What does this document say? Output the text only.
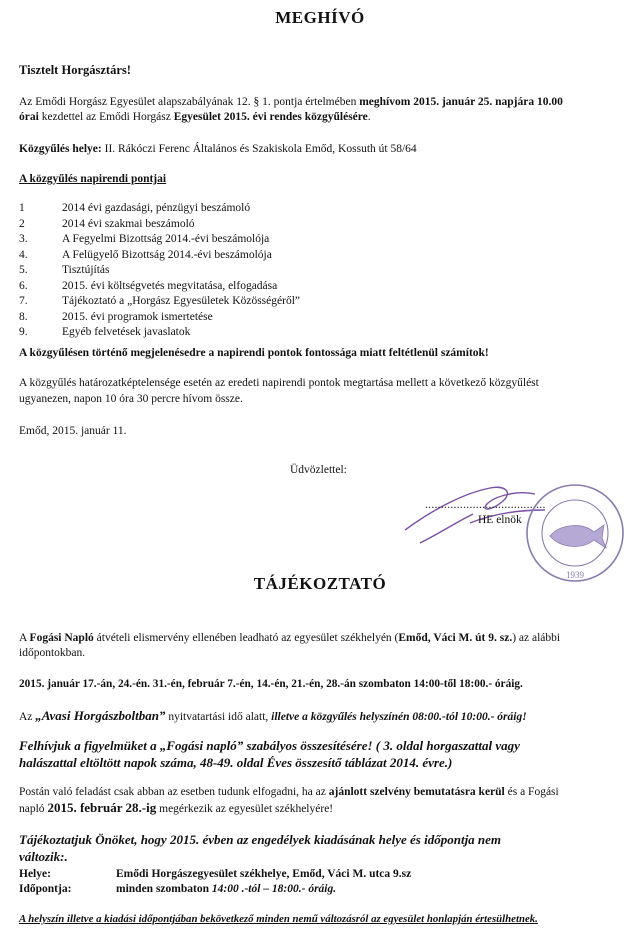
MEGHÍVÓ
Tisztelt Horgásztárs!
Az Emődi Horgász Egyesület alapszabályának 12. § 1. pontja értelmében meghívom 2015. január 25. napjára 10.00
órai kezdettel az Emődi Horgász Egyesület 2015. évi rendes közgyűlésére.
Közgyűlés helye: II. Rákóczi Ferenc Általános és Szakiskola Emőd, Kossuth út 58/64
A közgyűlés napirendi pontjai
1	2014 évi gazdasági, pénzügyi beszámoló
2	2014 évi szakmai beszámoló
3.	A Fegyelmi Bizottság 2014.-évi beszámolója
4.	A Felügyelő Bizottság 2014.-évi beszámolója
5.	Tisztújítás
6.	2015. évi költségvetés megvitatása, elfogadása
7.	Tájékoztató a „Horgász Egyesületek Közösségéről”
8.	2015. évi programok ismertetése
9.	Egyéb felvetések javaslatok
A közgyűlésen történő megjelenésedre a napirendi pontok fontossága miatt feltétlenül számítok!
A közgyűlés határozatképtelensége esetén az eredeti napirendi pontok megtartása mellett a következő közgyűlést
ugyanezen, napon 10 óra 30 percre hívom össze.
Emőd, 2015. január 11.
Üdvözlettel:
......................................
HE elnök
1939
TÁJÉKOZTATÓ
A Fogási Napló átvételi elismervény ellenében leadható az egyesület székhelyén (Emőd, Váci M. út 9. sz.) az alábbi
időpontokban.
2015. január 17.-án, 24.-én. 31.-én, február 7.-én, 14.-én, 21.-én, 28.-án szombaton 14:00-től 18:00.- óráig.
Az „Avasi Horgászboltban” nyitvatartási idő alatt, illetve a közgyűlés helyszínén 08:00.-tól 10:00.- óráig!
Felhívjuk a figyelmüket a „Fogási napló” szabályos összesítésére! ( 3. oldal horgaszattal vagy
halászattal eltöltött napok száma, 48-49. oldal Éves összesítő táblázat 2014. évre.)
Postán való feladást csak abban az esetben tudunk elfogadni, ha az ajánlott szelvény bemutatásra kerül és a Fogási
napló 2015. február 28.-ig megérkezik az egyesület székhelyére!
Tájékoztatjuk Önöket, hogy 2015. évben az engedélyek kiadásának helye és időpontja nem
változik:.
Helye:	Emődi Horgászegyesület székhelye, Emőd, Váci M. utca 9.sz
Időpontja:	minden szombaton 14:00 .-tól – 18:00.- óráig.
A helyszín illetve a kiadási időpontjában bekövetkező minden nemű változásról az egyesület honlapján értesülhetnek.
